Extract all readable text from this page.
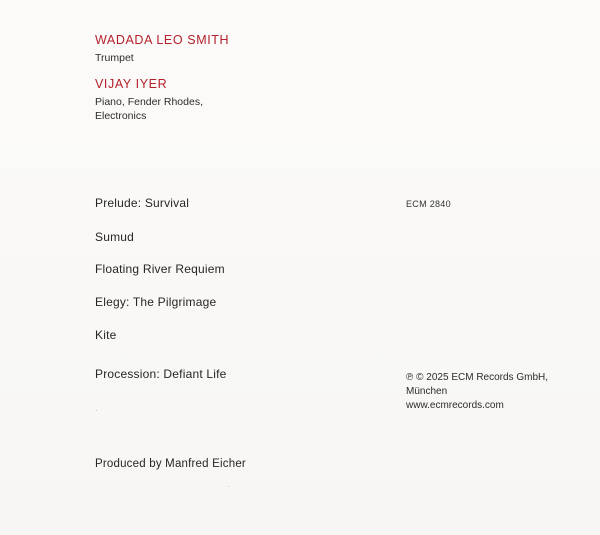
WADADA LEO SMITH
Trumpet
VIJAY IYER
Piano, Fender Rhodes,
Electronics
Prelude: Survival
Sumud
Floating River Requiem
Elegy: The Pilgrimage
Kite
Procession: Defiant Life
ECM 2840
℗ © 2025 ECM Records GmbH,
München
www.ecmrecords.com
Produced by Manfred Eicher
